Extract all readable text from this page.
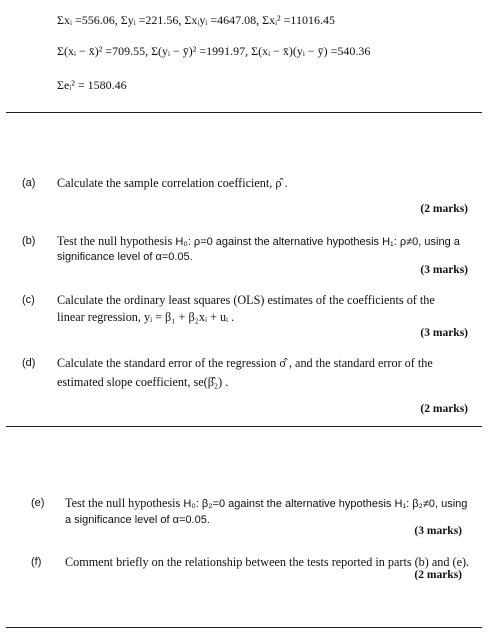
Σxᵢ =556.06, Σyᵢ =221.56, Σxᵢyᵢ =4647.08, Σxᵢ² =11016.45
Σ(xᵢ − x̄)² =709.55, Σ(yᵢ − ȳ)² =1991.97, Σ(xᵢ − x̄)(yᵢ − ȳ) =540.36
Σeᵢ² = 1580.46
(a) Calculate the sample correlation coefficient, ρ̂ .
(2 marks)
(b) Test the null hypothesis H₀: ρ=0 against the alternative hypothesis H₁: ρ≠0, using a
significance level of α=0.05.
(3 marks)
(c) Calculate the ordinary least squares (OLS) estimates of the coefficients of the
linear regression, yᵢ = β₁ + β₂xᵢ + uᵢ .
(3 marks)
(d) Calculate the standard error of the regression σ̂ , and the standard error of the
estimated slope coefficient, se(β̂₂) .
(2 marks)
(e) Test the null hypothesis H₀: β₂=0 against the alternative hypothesis H₁: β₂≠0, using
a significance level of α=0.05.
(3 marks)
(f) Comment briefly on the relationship between the tests reported in parts (b) and (e).
(2 marks)
